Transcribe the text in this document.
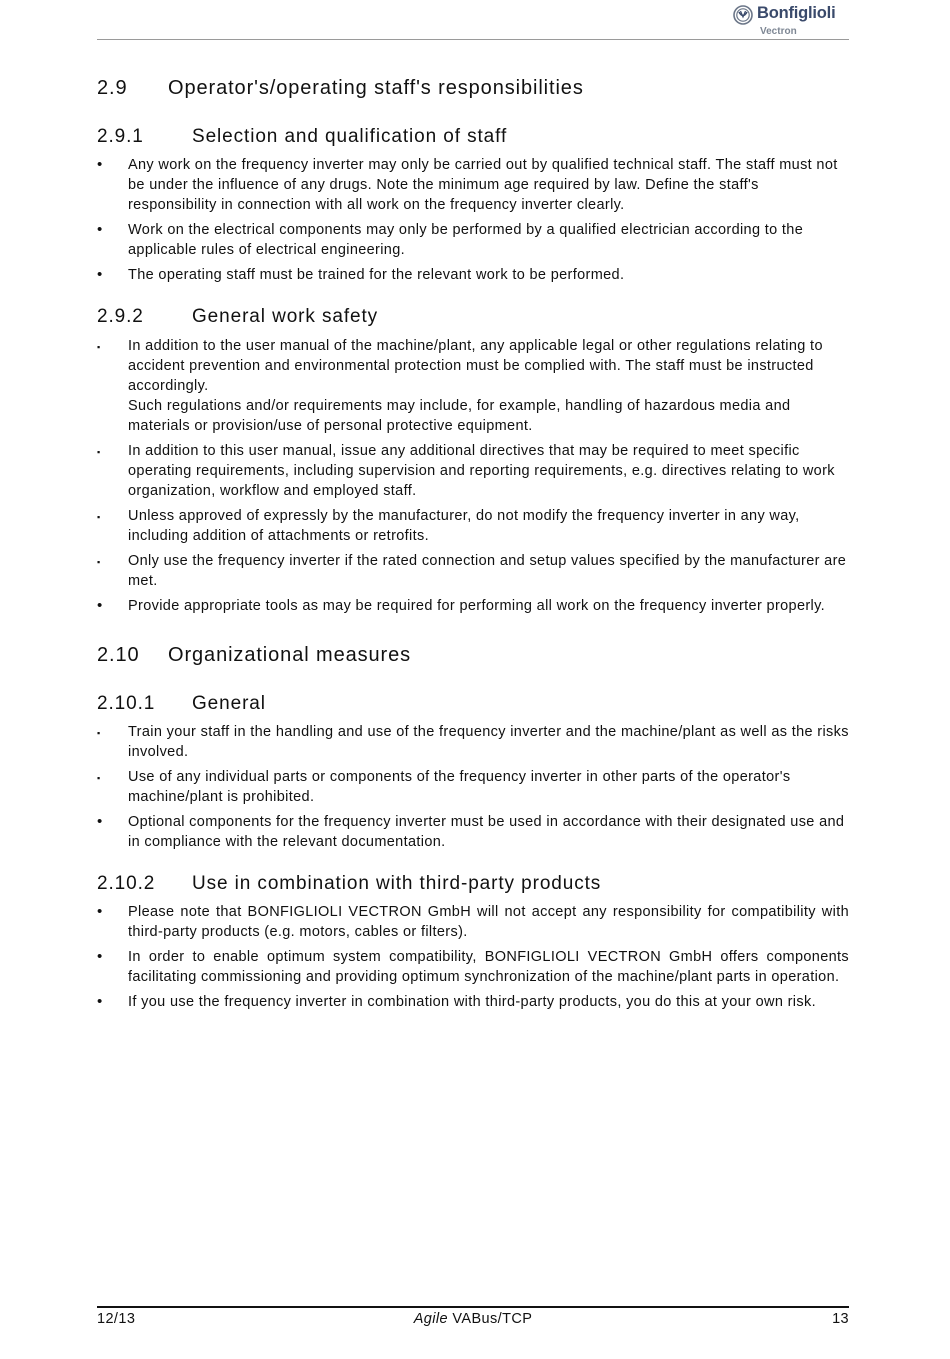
Bonfiglioli
Vectron
2.9 Operator's/operating staff's responsibilities
2.9.1	Selection and qualification of staff
•	Any work on the frequency inverter may only be carried out by qualified technical staff. The staff must not be under the influence of any drugs. Note the minimum age required by law. Define the staff's responsibility in connection with all work on the frequency inverter clearly.

•	Work on the electrical components may only be performed by a qualified electrician according to the applicable rules of electrical engineering.

•	The operating staff must be trained for the relevant work to be performed.

2.9.2	General work safety
▪	In addition to the user manual of the machine/plant, any applicable legal or other regulations relating to accident prevention and environmental protection must be complied with. The staff must be instructed accordingly.

Such regulations and/or requirements may include, for example, handling of hazardous media and materials or provision/use of personal protective equipment.

▪	In addition to this user manual, issue any additional directives that may be required to meet specific operating requirements, including supervision and reporting requirements, e.g. directives relating to work organization, workflow and employed staff.

▪	Unless approved of expressly by the manufacturer, do not modify the frequency inverter in any way, including addition of attachments or retrofits.

▪	Only use the frequency inverter if the rated connection and setup values specified by the manufacturer are met.

•	Provide appropriate tools as may be required for performing all work on the frequency inverter properly.

2.10 Organizational measures
2.10.1 General
▪	Train your staff in the handling and use of the frequency inverter and the machine/plant as well as the risks involved.

▪	Use of any individual parts or components of the frequency inverter in other parts of the operator's machine/plant is prohibited.

•	Optional components for the frequency inverter must be used in accordance with their designated use and in compliance with the relevant documentation.

2.10.2 Use in combination with third-party products
•	Please note that BONFIGLIOLI VECTRON GmbH will not accept any responsibility for compatibility with third-party products (e.g. motors, cables or filters).

•	In order to enable optimum system compatibility, BONFIGLIOLI VECTRON GmbH offers components facilitating commissioning and providing optimum synchronization of the machine/plant parts in operation.

•	If you use the frequency inverter in combination with third-party products, you do this at your own risk.

12/13	Agile VABus/TCP	13
